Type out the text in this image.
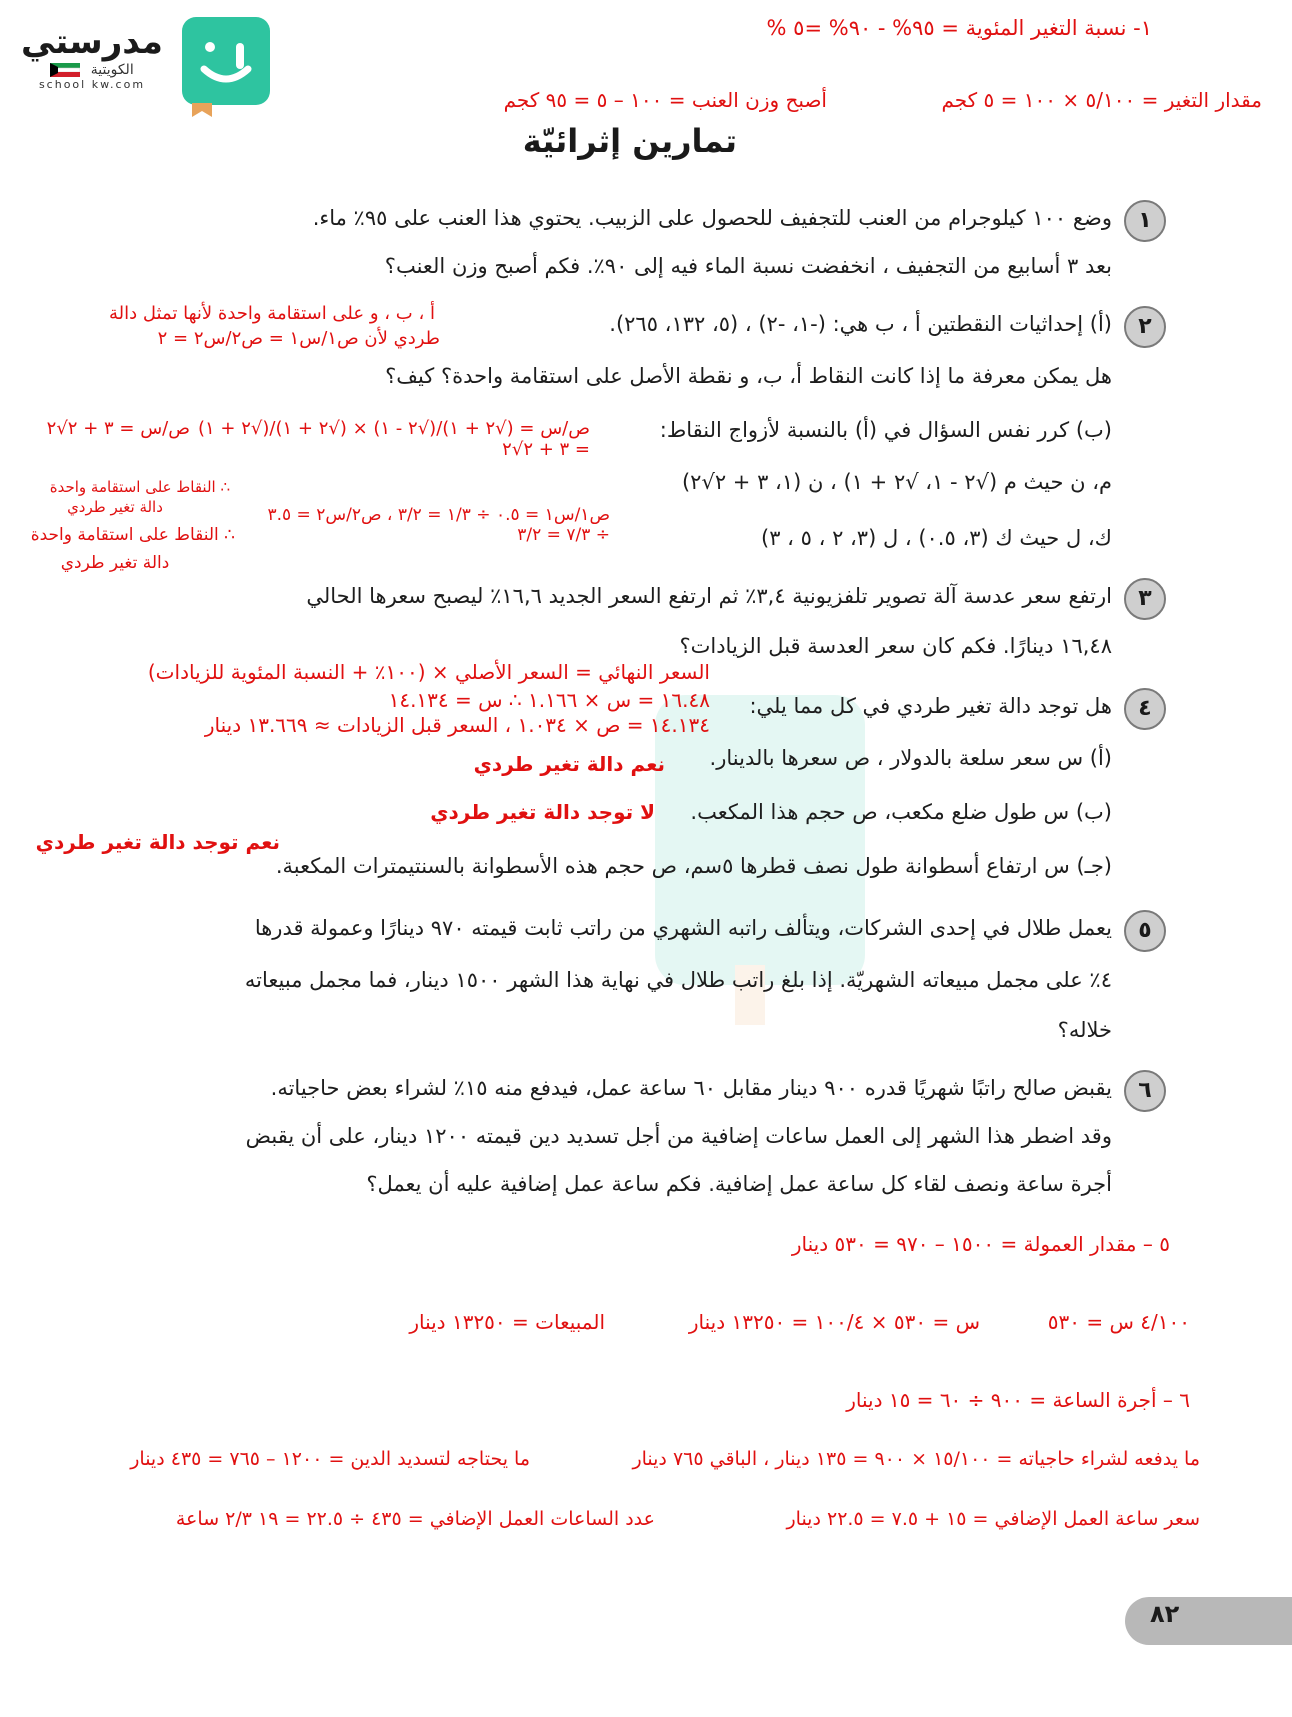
مدرستي
الكويتية
school kw.com
١- نسبة التغير المئوية = ٩٥% - ٩٠% =٥ %
مقدار التغير = ٥/١٠٠ × ١٠٠ = ٥ كجم
أصبح وزن العنب = ١٠٠ – ٥ = ٩٥ كجم
تمارين إثرائيّة
١
وضع ١٠٠ كيلوجرام من العنب للتجفيف للحصول على الزبيب. يحتوي هذا العنب على ٩٥٪ ماء.
بعد ٣ أسابيع من التجفيف ، انخفضت نسبة الماء فيه إلى ٩٠٪. فكم أصبح وزن العنب؟
٢
(أ) إحداثيات النقطتين أ ، ب هي: (-١، -٢) ، (٥، ١٣٢، ٢٦٥).
هل يمكن معرفة ما إذا كانت النقاط أ، ب، و نقطة الأصل على استقامة واحدة؟ كيف؟
(ب) كرر نفس السؤال في (أ) بالنسبة لأزواج النقاط:
م، ن حيث م (√٢ - ١، √٢ + ١) ، ن (١، ٣ + ٢√٢)
ك، ل حيث ك (٣، ٠.٥) ، ل (٣، ٢ ، ٥ ، ٣)
أ ، ب ، و على استقامة واحدة لأنها تمثل دالة
طردي لأن ص١/س١ = ص٢/س٢ = ٢
ص/س = (√٢ + ١)/(√٢ - ١) × (√٢ + ١)/(√٢ + ١) = ٣ + ٢√٢
ص/س = ٣ + ٢√٢
∴ النقاط على استقامة واحدة
دالة تغير طردي	ص١/س١ = ٠.٥ ÷ ١/٣ = ٣/٢ ، ص٢/س٢ = ٣.٥ ÷ ٧/٣ = ٣/٢
∴ النقاط على استقامة واحدة
دالة تغير طردي
٣
ارتفع سعر عدسة آلة تصوير تلفزيونية ٣,٤٪ ثم ارتفع السعر الجديد ١٦,٦٪ ليصبح سعرها الحالي
١٦,٤٨ دينارًا. فكم كان سعر العدسة قبل الزيادات؟
السعر النهائي = السعر الأصلي × (١٠٠٪ + النسبة المئوية للزيادات)
١٦.٤٨ = س × ١.١٦٦ ∴ س = ١٤.١٣٤
١٤.١٣٤ = ص × ١.٠٣٤ ، السعر قبل الزيادات ≈ ١٣.٦٦٩ دينار
٤
هل توجد دالة تغير طردي في كل مما يلي:
(أ) س سعر سلعة بالدولار ، ص سعرها بالدينار.
(ب) س طول ضلع مكعب، ص حجم هذا المكعب.
(جـ) س ارتفاع أسطوانة طول نصف قطرها ٥سم، ص حجم هذه الأسطوانة بالسنتيمترات المكعبة.
نعم دالة تغير طردي
لا توجد دالة تغير طردي
نعم توجد دالة تغير طردي
٥
يعمل طلال في إحدى الشركات، ويتألف راتبه الشهري من راتب ثابت قيمته ٩٧٠ دينارًا وعمولة قدرها
٤٪ على مجمل مبيعاته الشهريّة. إذا بلغ راتب طلال في نهاية هذا الشهر ١٥٠٠ دينار، فما مجمل مبيعاته
خلاله؟
٦
يقبض صالح راتبًا شهريًا قدره ٩٠٠ دينار مقابل ٦٠ ساعة عمل، فيدفع منه ١٥٪ لشراء بعض حاجياته.
وقد اضطر هذا الشهر إلى العمل ساعات إضافية من أجل تسديد دين قيمته ١٢٠٠ دينار، على أن يقبض
أجرة ساعة ونصف لقاء كل ساعة عمل إضافية. فكم ساعة عمل إضافية عليه أن يعمل؟
٥ – مقدار العمولة = ١٥٠٠ – ٩٧٠ = ٥٣٠ دينار
٤/١٠٠ س = ٥٣٠
س = ٥٣٠ × ١٠٠/٤ = ١٣٢٥٠ دينار
المبيعات = ١٣٢٥٠ دينار
٦ – أجرة الساعة = ٩٠٠ ÷ ٦٠ = ١٥ دينار
ما يدفعه لشراء حاجياته = ١٥/١٠٠ × ٩٠٠ = ١٣٥ دينار ، الباقي ٧٦٥ دينار
ما يحتاجه لتسديد الدين = ١٢٠٠ – ٧٦٥ = ٤٣٥ دينار
سعر ساعة العمل الإضافي = ١٥ + ٧.٥ = ٢٢.٥ دينار
عدد الساعات العمل الإضافي = ٤٣٥ ÷ ٢٢.٥ = ١٩ ٢/٣ ساعة
٨٢
